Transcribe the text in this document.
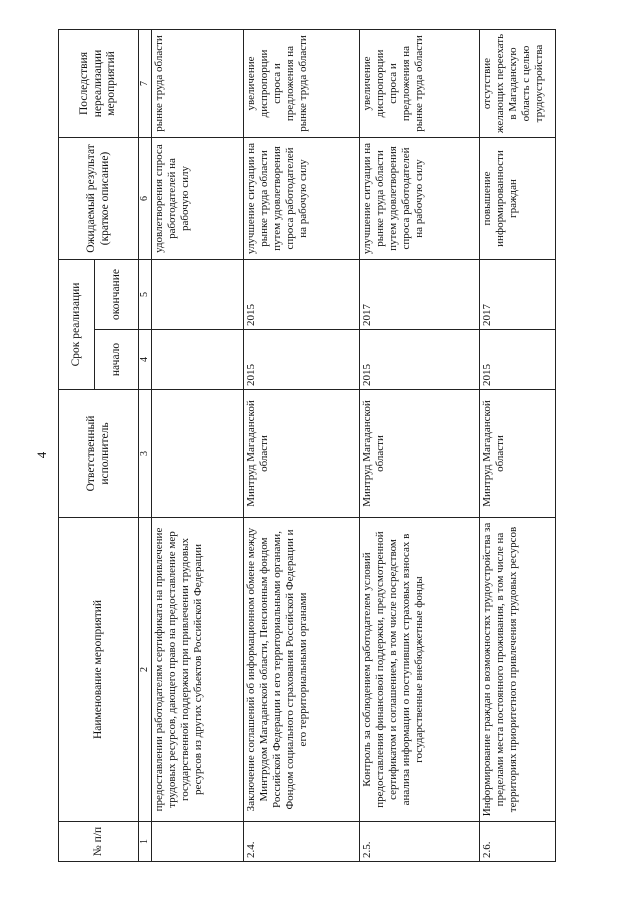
4
№ п/п	Наименование мероприятий	Ответственный исполнитель	Срок реализации		Ожидаемый результат (краткое описание)	Последствия нереализации мероприятий
			начало	окончание		
1	2	3	4	5	6	7
	предоставлении работодателям сертификата на привлечение трудовых ресурсов, дающего право на предоставление мер государственной поддержки при привлечении трудовых ресурсов из других субъектов Российской Федерации				удовлетворения спроса работодателей на рабочую силу	рынке труда области
2.4.	Заключение соглашений об информационном обмене между Минтрудом Магаданской области, Пенсионным фондом Российской Федерации и его территориальными органами, Фондом социального страхования Российской Федерации и его территориальными органами	Минтруд Магаданской области	2015	2015	улучшение ситуации на рынке труда области путем удовлетворения спроса работодателей на рабочую силу	увеличение диспропорции спроса и предложения на рынке труда области
2.5.	Контроль за соблюдением работодателем условий предоставления финансовой поддержки, предусмотренной сертификатом и соглашением, в том числе посредством анализа информации о поступивших страховых взносах в государственные внебюджетные фонды	Минтруд Магаданской области	2015	2017	улучшение ситуации на рынке труда области путем удовлетворения спроса работодателей на рабочую силу	увеличение диспропорции спроса и предложения на рынке труда области
2.6.	Информирование граждан о возможностях трудоустройства за пределами места постоянного проживания, в том числе на территориях приоритетного привлечения трудовых ресурсов	Минтруд Магаданской области	2015	2017	повышение информированности граждан	отсутствие желающих переехать в Магаданскую область с целью трудоустройства
